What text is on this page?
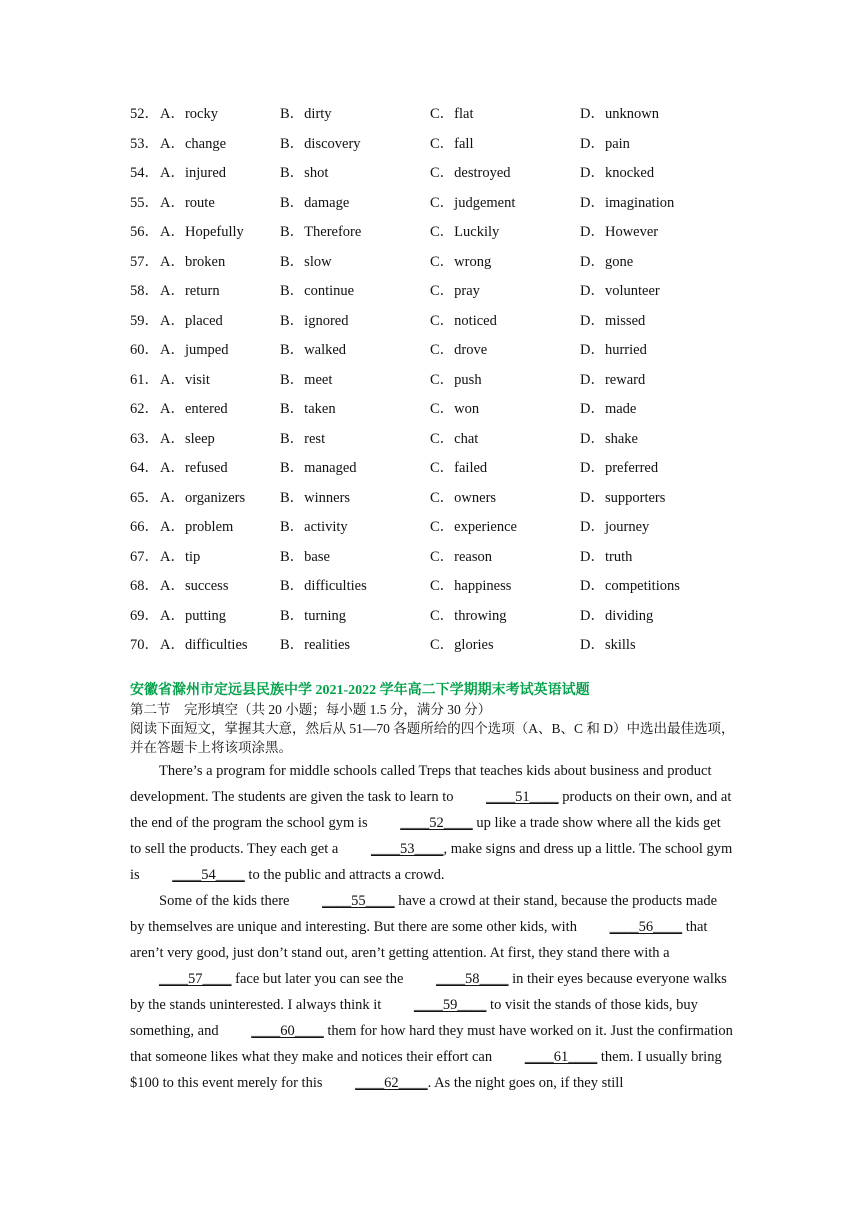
52． A．rocky	B．dirty	C．flat	D．unknown
53． A．change	B．discovery	C．fall	D．pain
54． A．injured	B．shot	C．destroyed	D．knocked
55． A．route	B．damage	C．judgement	D．imagination
56． A．Hopefully B．Therefore	C．Luckily	D．However
57． A．broken	B．slow	C．wrong	D．gone
58． A．return	B．continue	C．pray	D．volunteer
59． A．placed	B．ignored	C．noticed	D．missed
60． A．jumped	B．walked	C．drove	D．hurried
61． A．visit	B．meet	C．push	D．reward
62． A．entered	B．taken	C．won	D．made
63． A．sleep	B．rest	C．chat	D．shake
64． A．refused	B．managed	C．failed	D．preferred
65． A．organizers B．winners	C．owners	D．supporters
66． A．problem	B．activity	C．experience	D．journey
67． A．tip	B．base	C．reason	D．truth
68． A．success	B．difficulties	C．happiness	D．competitions
69． A．putting	B．turning	C．throwing	D．dividing
70． A．difficulties B．realities	C．glories	D．skills

安徽省滁州市定远县民族中学 2021-2022 学年高二下学期期末考试英语试题

第二节　完形填空（共 20 小题；每小题 1.5 分，满分 30 分）

阅读下面短文，掌握其大意，然后从 51—70 各题所给的四个选项（A、B、C 和 D）中选出最佳选项，并在答题卡上将该项涂黑。

There’s a program for middle schools called Treps that teaches kids about business and product development. The students are given the task to learn to ____51____ products on their own, and at the end of the program the school gym is ____52____ up like a trade show where all the kids get to sell the products. They each get a ____53____, make signs and dress up a little. The school gym is ____54____ to the public and attracts a crowd.

Some of the kids there ____55____ have a crowd at their stand, because the products made by themselves are unique and interesting. But there are some other kids, with ____56____ that aren’t very good, just don’t stand out, aren’t getting attention. At first, they stand there with a ____57____ face but later you can see the ____58____ in their eyes because everyone walks by the stands uninterested. I always think it ____59____ to visit the stands of those kids, buy something, and ____60____ them for how hard they must have worked on it. Just the confirmation that someone likes what they make and notices their effort can ____61____ them. I usually bring $100 to this event merely for this ____62____. As the night goes on, if they still
